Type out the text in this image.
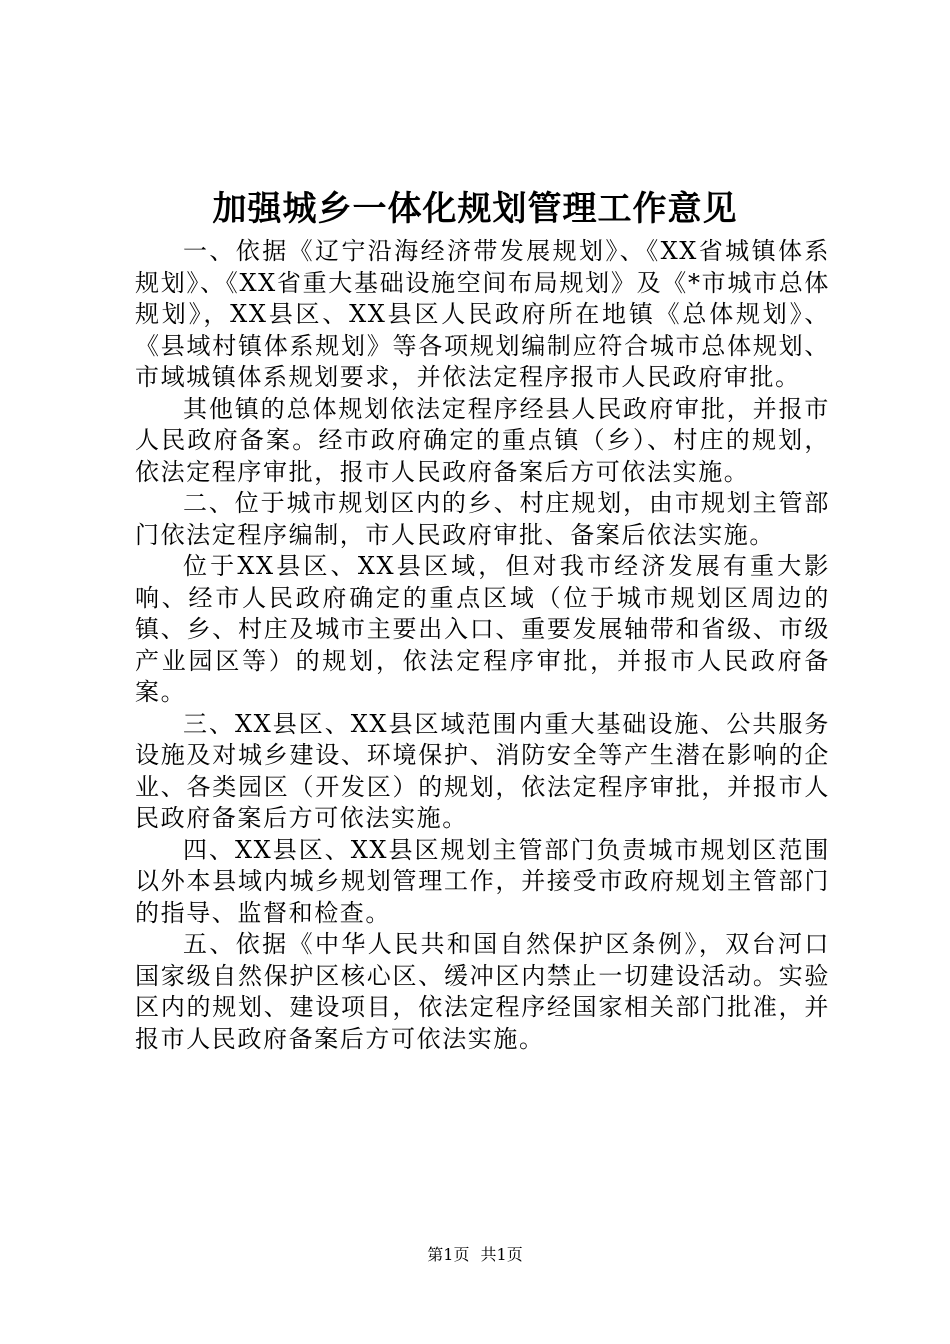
加强城乡一体化规划管理工作意见

一、依据《辽宁沿海经济带发展规划》、《XX省城镇体系规划》、《XX省重大基础设施空间布局规划》及《*市城市总体规划》，XX县区、XX县区人民政府所在地镇《总体规划》、《县域村镇体系规划》等各项规划编制应符合城市总体规划、市域城镇体系规划要求，并依法定程序报市人民政府审批。

其他镇的总体规划依法定程序经县人民政府审批，并报市人民政府备案。经市政府确定的重点镇（乡）、村庄的规划，依法定程序审批，报市人民政府备案后方可依法实施。

二、位于城市规划区内的乡、村庄规划，由市规划主管部门依法定程序编制，市人民政府审批、备案后依法实施。

位于XX县区、XX县区域，但对我市经济发展有重大影响、经市人民政府确定的重点区域（位于城市规划区周边的镇、乡、村庄及城市主要出入口、重要发展轴带和省级、市级产业园区等）的规划，依法定程序审批，并报市人民政府备案。

三、XX县区、XX县区域范围内重大基础设施、公共服务设施及对城乡建设、环境保护、消防安全等产生潜在影响的企业、各类园区（开发区）的规划，依法定程序审批，并报市人民政府备案后方可依法实施。

四、XX县区、XX县区规划主管部门负责城市规划区范围以外本县域内城乡规划管理工作，并接受市政府规划主管部门的指导、监督和检查。

五、依据《中华人民共和国自然保护区条例》，双台河口国家级自然保护区核心区、缓冲区内禁止一切建设活动。实验区内的规划、建设项目，依法定程序经国家相关部门批准，并报市人民政府备案后方可依法实施。

第1页 共1页
